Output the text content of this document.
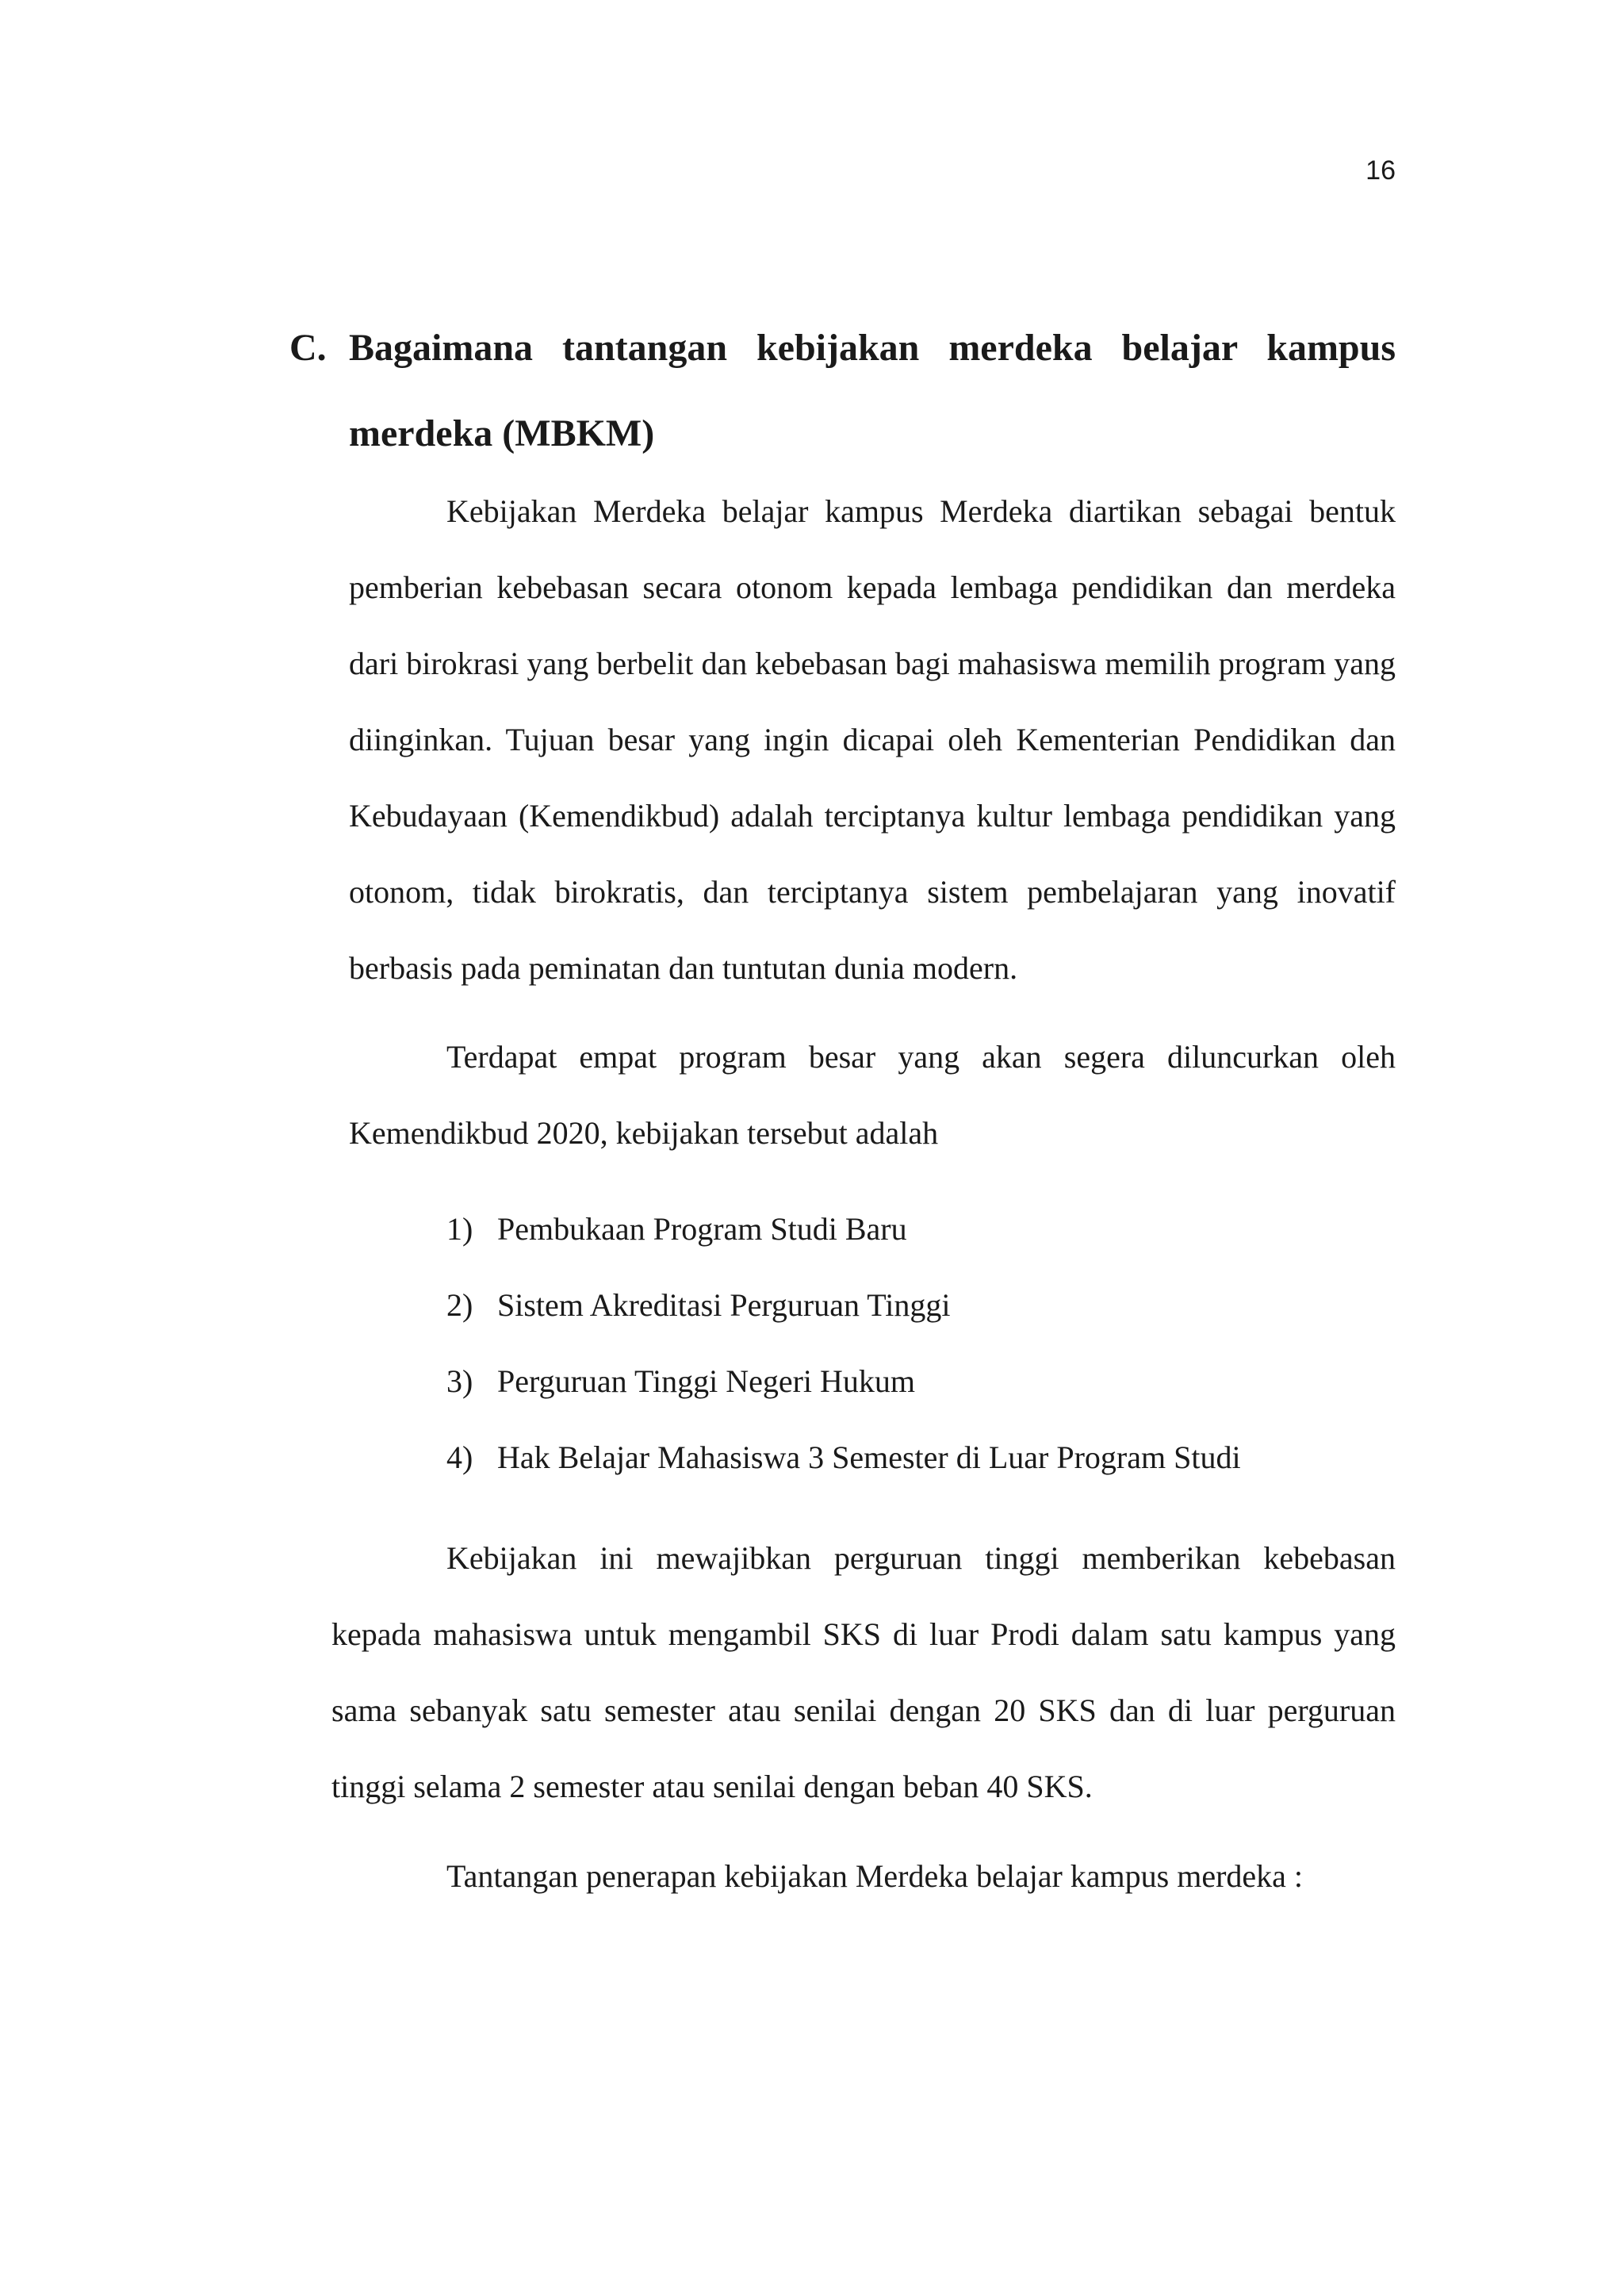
16
C. Bagaimana tantangan kebijakan merdeka belajar kampus merdeka (MBKM)

Kebijakan Merdeka belajar kampus Merdeka diartikan sebagai bentuk pemberian kebebasan secara otonom kepada lembaga pendidikan dan merdeka dari birokrasi yang berbelit dan kebebasan bagi mahasiswa memilih program yang diinginkan. Tujuan besar yang ingin dicapai oleh Kementerian Pendidikan dan Kebudayaan (Kemendikbud) adalah terciptanya kultur lembaga pendidikan yang otonom, tidak birokratis, dan terciptanya sistem pembelajaran yang inovatif berbasis pada peminatan dan tuntutan dunia modern.

Terdapat empat program besar yang akan segera diluncurkan oleh Kemendikbud 2020, kebijakan tersebut adalah

1) Pembukaan Program Studi Baru
2) Sistem Akreditasi Perguruan Tinggi
3) Perguruan Tinggi Negeri Hukum
4) Hak Belajar Mahasiswa 3 Semester di Luar Program Studi

Kebijakan ini mewajibkan perguruan tinggi memberikan kebebasan kepada mahasiswa untuk mengambil SKS di luar Prodi dalam satu kampus yang sama sebanyak satu semester atau senilai dengan 20 SKS dan di luar perguruan tinggi selama 2 semester atau senilai dengan beban 40 SKS.

Tantangan penerapan kebijakan Merdeka belajar kampus merdeka :
